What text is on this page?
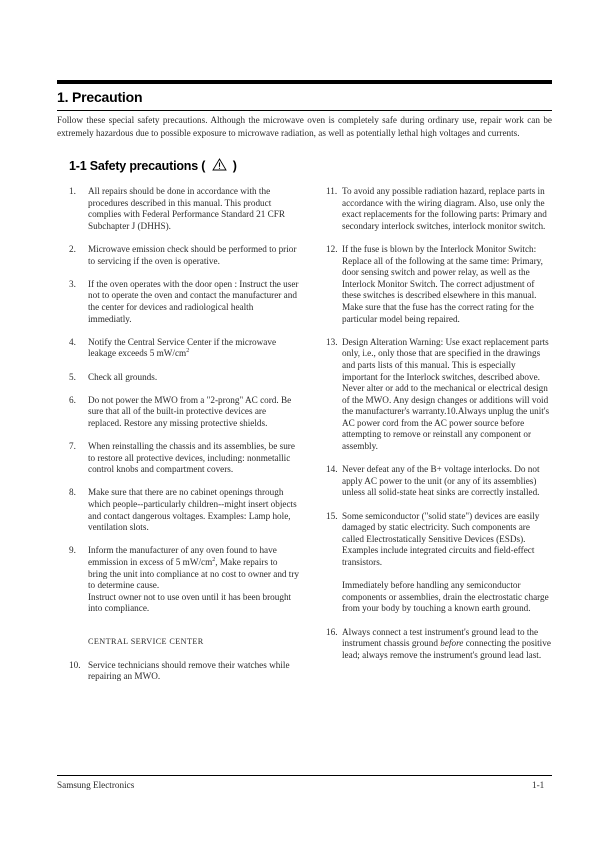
1. Precaution

Follow these special safety precautions. Although the microwave oven is completely safe during ordinary use, repair work can be extremely hazardous due to possible exposure to microwave radiation, as well as potentially lethal high voltages and currents.

1-1 Safety precautions ( )
1.	All repairs should be done in accordance with the procedures described in this manual. This product complies with Federal Performance Standard 21 CFR Subchapter J (DHHS).
2.	Microwave emission check should be performed to prior to servicing if the oven is operative.
3.	If the oven operates with the door open : Instruct the user not to operate the oven and contact the manufacturer and the center for devices and radiological health immediatly.
4.	Notify the Central Service Center if the microwave leakage exceeds 5 $mW/cm^2$
5.	Check all grounds.
6.	Do not power the MWO from a "2-prong" AC cord. Be sure that all of the built-in protective devices are replaced. Restore any missing protective shields.
7.	When reinstalling the chassis and its assemblies, be sure to restore all protective devices, including: nonmetallic control knobs and compartment covers.
8.	Make sure that there are no cabinet openings through which people--particularly children--might insert objects and contact dangerous voltages. Examples: Lamp hole, ventilation slots.
9.	Inform the manufacturer of any oven found to have emmission in excess of 5 $mW/cm^2$, Make repairs to bring the unit into compliance at no cost to owner and try to determine cause.
Instruct owner not to use oven until it has been brought into compliance.
CENTRAL SERVICE CENTER
10. Service technicians should remove their watches while repairing an MWO.
11. To avoid any possible radiation hazard, replace parts in accordance with the wiring diagram. Also, use only the exact replacements for the following parts: Primary and secondary interlock switches, interlock monitor switch.
12. If the fuse is blown by the Interlock Monitor Switch: Replace all of the following at the same time: Primary, door sensing switch and power relay, as well as the Interlock Monitor Switch. The correct adjustment of these switches is described elsewhere in this manual. Make sure that the fuse has the correct rating for the particular model being repaired.
13. Design Alteration Warning: Use exact replacement parts only, i.e., only those that are specified in the drawings and parts lists of this manual. This is especially important for the Interlock switches, described above. Never alter or add to the mechanical or electrical design of the MWO. Any design changes or additions will void the manufacturer's warranty.10.Always unplug the unit's AC power cord from the AC power source before attempting to remove or reinstall any component or assembly.
14. Never defeat any of the B+ voltage interlocks. Do not apply AC power to the unit (or any of its assemblies) unless all solid-state heat sinks are correctly installed.
15. Some semiconductor ("solid state") devices are easily damaged by static electricity. Such components are called Electrostatically Sensitive Devices (ESDs). Examples include integrated circuits and field-effect transistors.
Immediately before handling any semiconductor components or assemblies, drain the electrostatic charge from your body by touching a known earth ground.
16. Always connect a test instrument's ground lead to the instrument chassis ground before connecting the positive lead; always remove the instrument's ground lead last.
Samsung Electronics	1-1
